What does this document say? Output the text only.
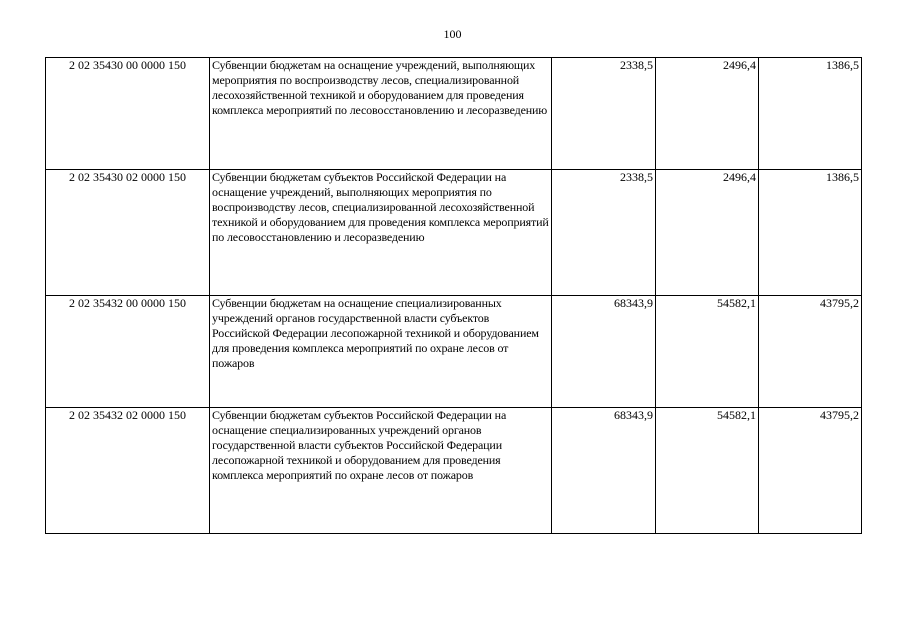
100
2 02 35430 00 0000 150	Субвенции бюджетам на оснащение учреждений, выполняющих мероприятия по воспроизводству лесов, специализированной лесохозяйственной техникой и оборудованием для проведения комплекса мероприятий по лесовосстановлению и лесоразведению	2338,5	2496,4	1386,5
2 02 35430 02 0000 150	Субвенции бюджетам субъектов Российской Федерации на оснащение учреждений, выполняющих мероприятия по воспроизводству лесов, специализированной лесохозяйственной техникой и оборудованием для проведения комплекса мероприятий по лесовосстановлению и лесоразведению	2338,5	2496,4	1386,5
2 02 35432 00 0000 150	Субвенции бюджетам на оснащение специализированных учреждений органов государственной власти субъектов Российской Федерации лесопожарной техникой и оборудованием для проведения комплекса мероприятий по охране лесов от пожаров	68343,9	54582,1	43795,2
2 02 35432 02 0000 150	Субвенции бюджетам субъектов Российской Федерации на оснащение специализированных учреждений органов государственной власти субъектов Российской Федерации лесопожарной техникой и оборудованием для проведения комплекса мероприятий по охране лесов от пожаров	68343,9	54582,1	43795,2
